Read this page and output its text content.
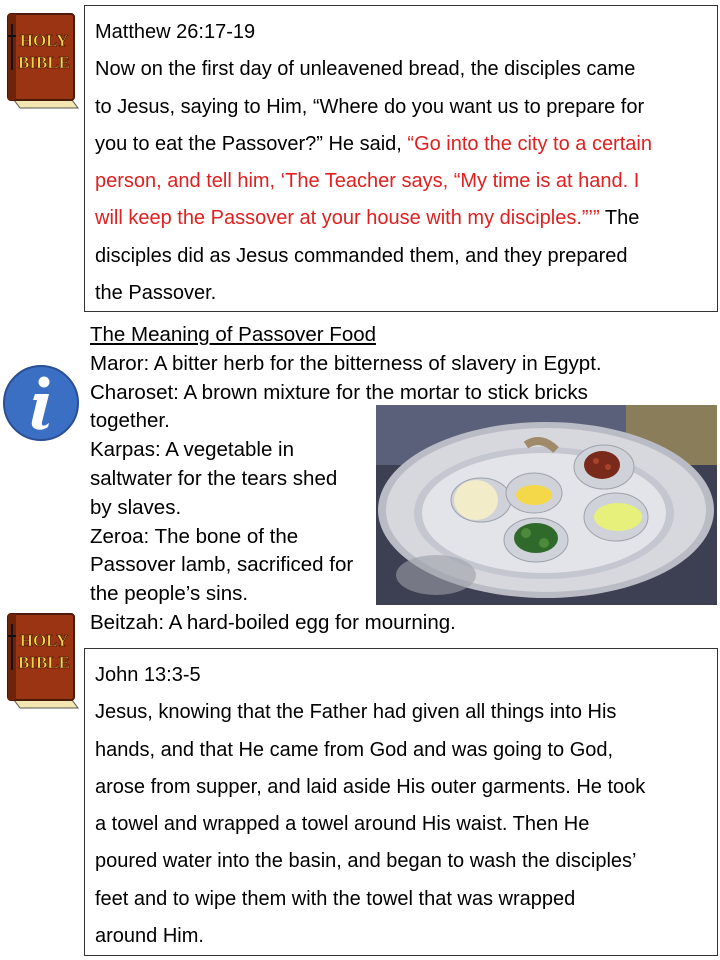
HOLY
BIBLE
Matthew 26:17-19
Now on the first day of unleavened bread, the disciples came
to Jesus, saying to Him, “Where do you want us to prepare for
you to eat the Passover?” He said, “Go into the city to a certain
person, and tell him, ‘The Teacher says, “My time is at hand. I
will keep the Passover at your house with my disciples.”’” The
disciples did as Jesus commanded them, and they prepared
the Passover.
The Meaning of Passover Food
Maror: A bitter herb for the bitterness of slavery in Egypt.
Charoset: A brown mixture for the mortar to stick bricks
together.
Karpas: A vegetable in
saltwater for the tears shed
by slaves.
Zeroa: The bone of the
Passover lamb, sacrificed for
the people’s sins.
Beitzah: A hard-boiled egg for mourning.
HOLY
BIBLE
John 13:3-5
Jesus, knowing that the Father had given all things into His
hands, and that He came from God and was going to God,
arose from supper, and laid aside His outer garments. He took
a towel and wrapped a towel around His waist. Then He
poured water into the basin, and began to wash the disciples’
feet and to wipe them with the towel that was wrapped
around Him.
